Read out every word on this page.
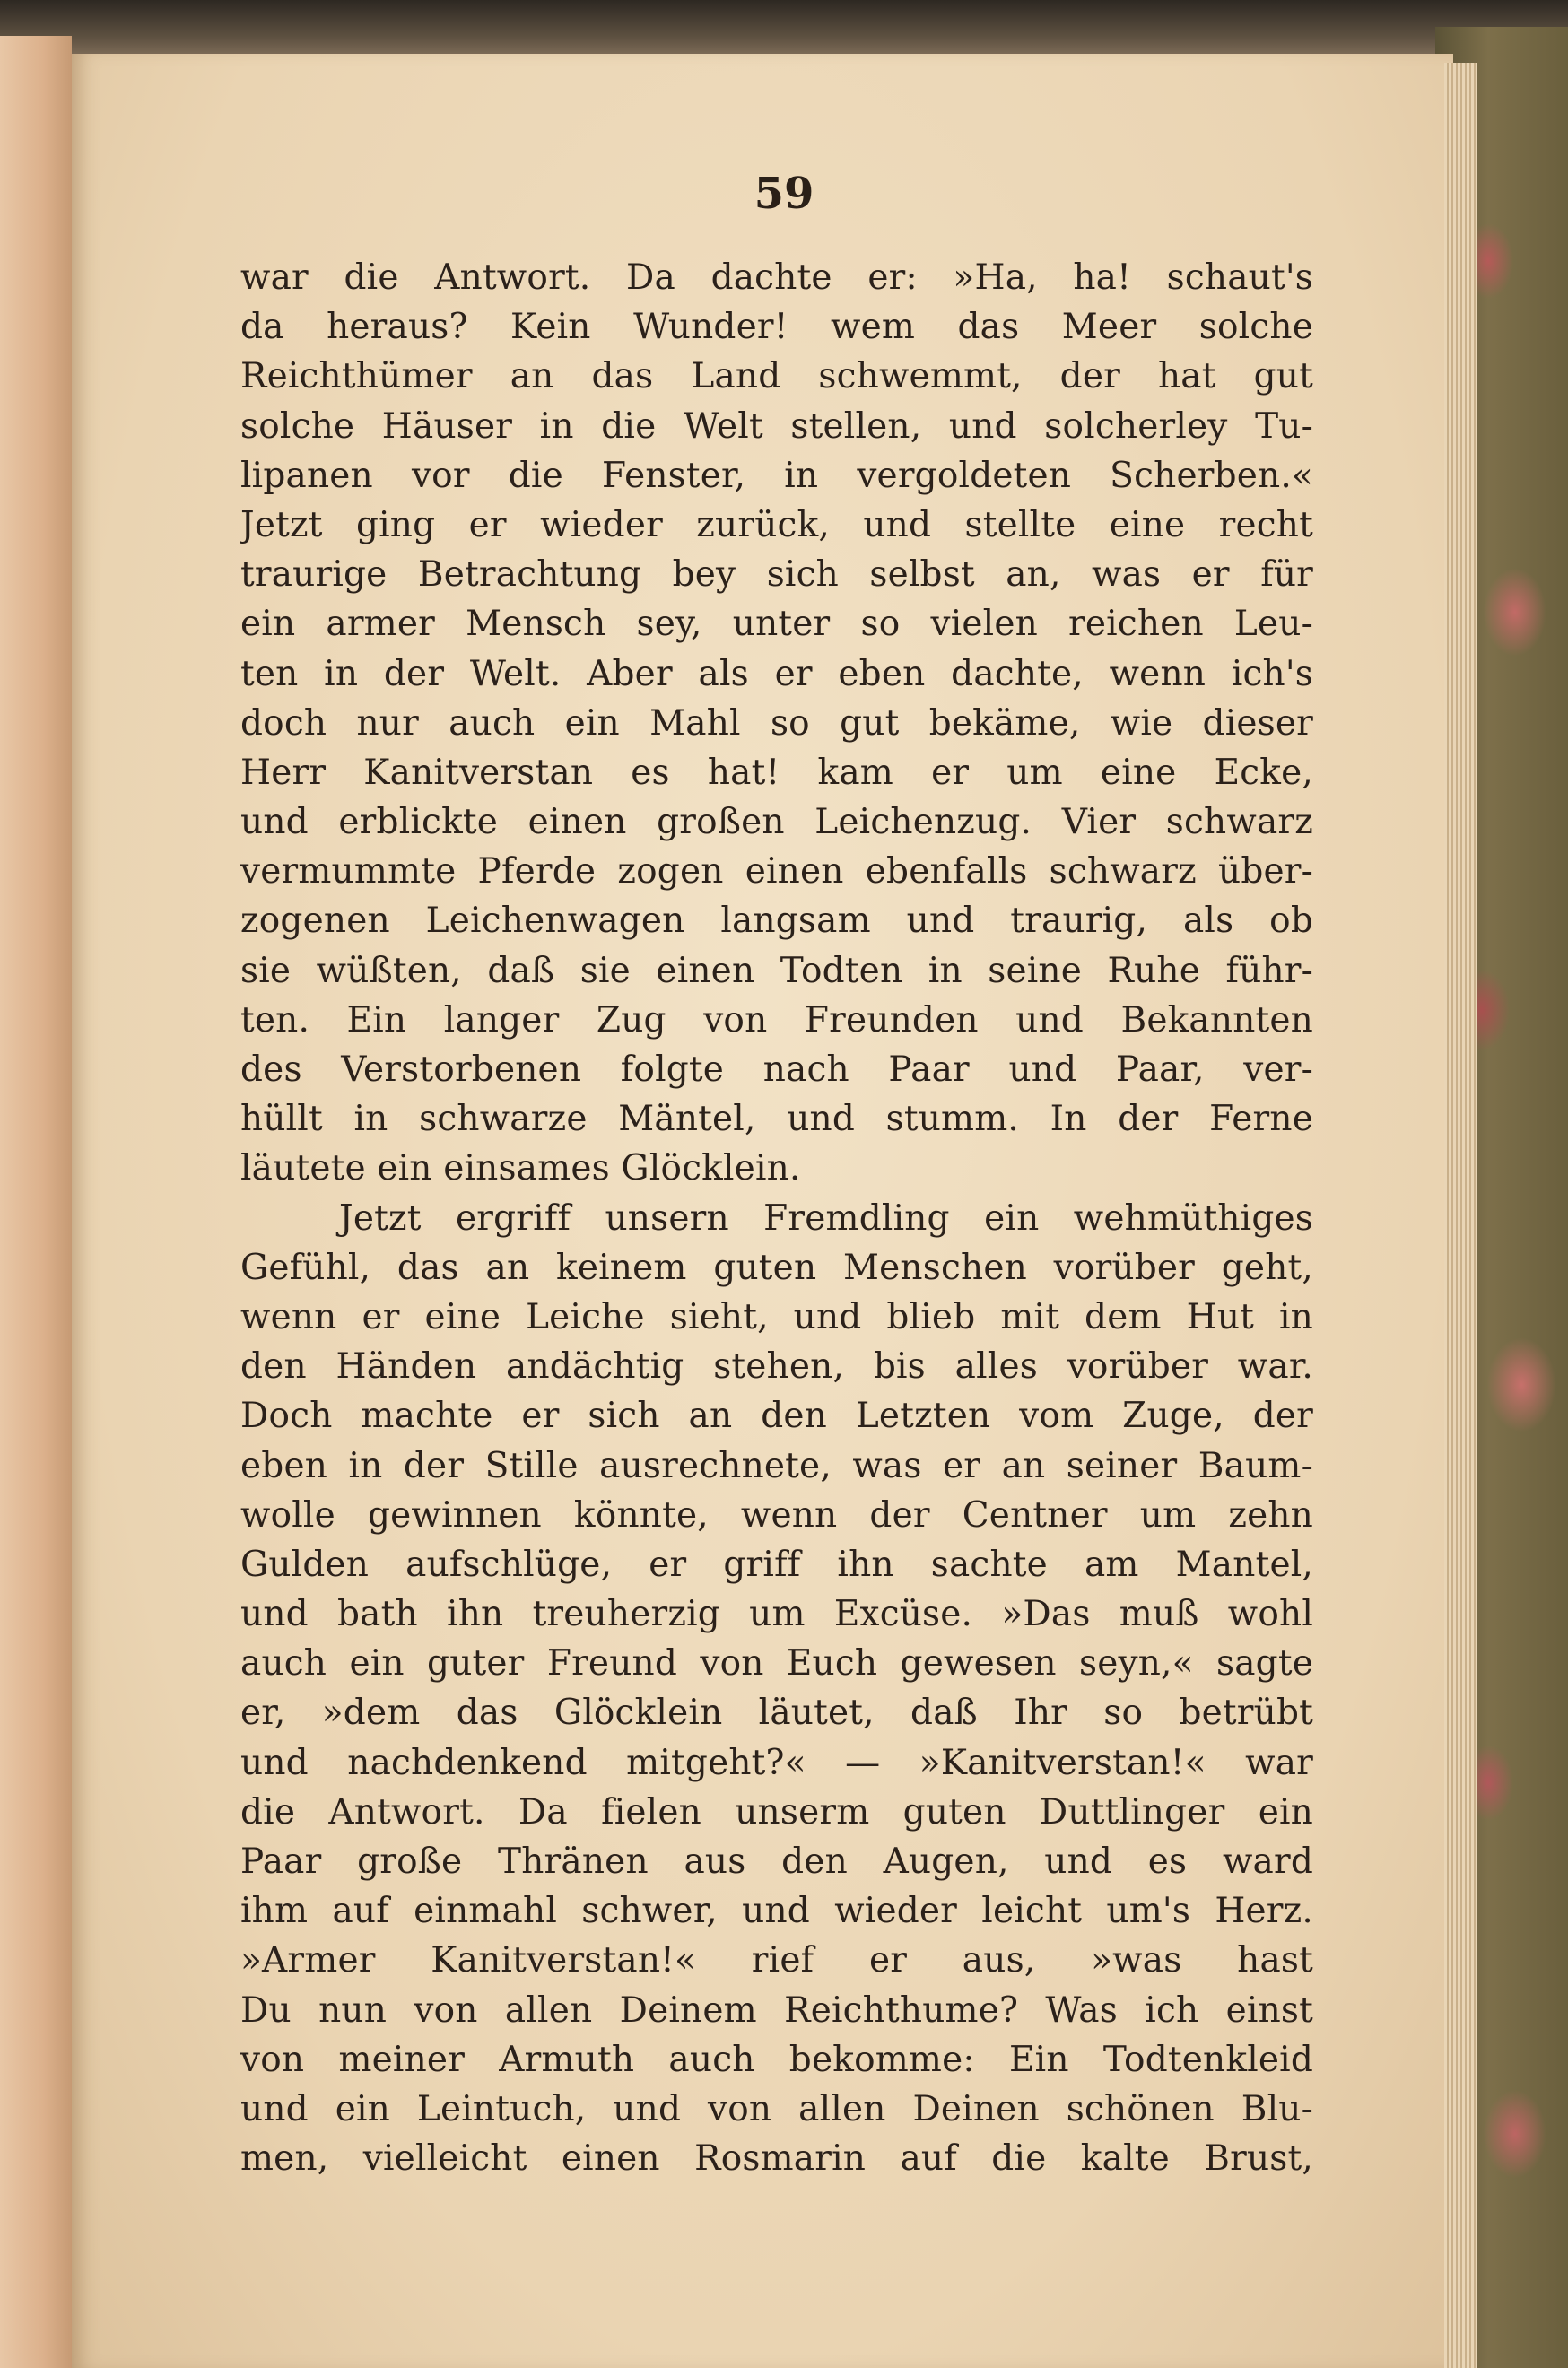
59
war die Antwort. Da dachte er: »Ha, ha! schaut's
da heraus? Kein Wunder! wem das Meer solche
Reichthümer an das Land schwemmt, der hat gut
solche Häuser in die Welt stellen, und solcherley Tu-
lipanen vor die Fenster, in vergoldeten Scherben.«
Jetzt ging er wieder zurück, und stellte eine recht
traurige Betrachtung bey sich selbst an, was er für
ein armer Mensch sey, unter so vielen reichen Leu-
ten in der Welt. Aber als er eben dachte, wenn ich's
doch nur auch ein Mahl so gut bekäme, wie dieser
Herr Kanitverstan es hat! kam er um eine Ecke,
und erblickte einen großen Leichenzug. Vier schwarz
vermummte Pferde zogen einen ebenfalls schwarz über-
zogenen Leichenwagen langsam und traurig, als ob
sie wüßten, daß sie einen Todten in seine Ruhe führ-
ten. Ein langer Zug von Freunden und Bekannten
des Verstorbenen folgte nach Paar und Paar, ver-
hüllt in schwarze Mäntel, und stumm. In der Ferne
läutete ein einsames Glöcklein.
Jetzt ergriff unsern Fremdling ein wehmüthiges
Gefühl, das an keinem guten Menschen vorüber geht,
wenn er eine Leiche sieht, und blieb mit dem Hut in
den Händen andächtig stehen, bis alles vorüber war.
Doch machte er sich an den Letzten vom Zuge, der
eben in der Stille ausrechnete, was er an seiner Baum-
wolle gewinnen könnte, wenn der Centner um zehn
Gulden aufschlüge, er griff ihn sachte am Mantel,
und bath ihn treuherzig um Excüse. »Das muß wohl
auch ein guter Freund von Euch gewesen seyn,« sagte
er, »dem das Glöcklein läutet, daß Ihr so betrübt
und nachdenkend mitgeht?« — »Kanitverstan!« war
die Antwort. Da fielen unserm guten Duttlinger ein
Paar große Thränen aus den Augen, und es ward
ihm auf einmahl schwer, und wieder leicht um's Herz.
»Armer Kanitverstan!« rief er aus, »was hast
Du nun von allen Deinem Reichthume? Was ich einst
von meiner Armuth auch bekomme: Ein Todtenkleid
und ein Leintuch, und von allen Deinen schönen Blu-
men, vielleicht einen Rosmarin auf die kalte Brust,
